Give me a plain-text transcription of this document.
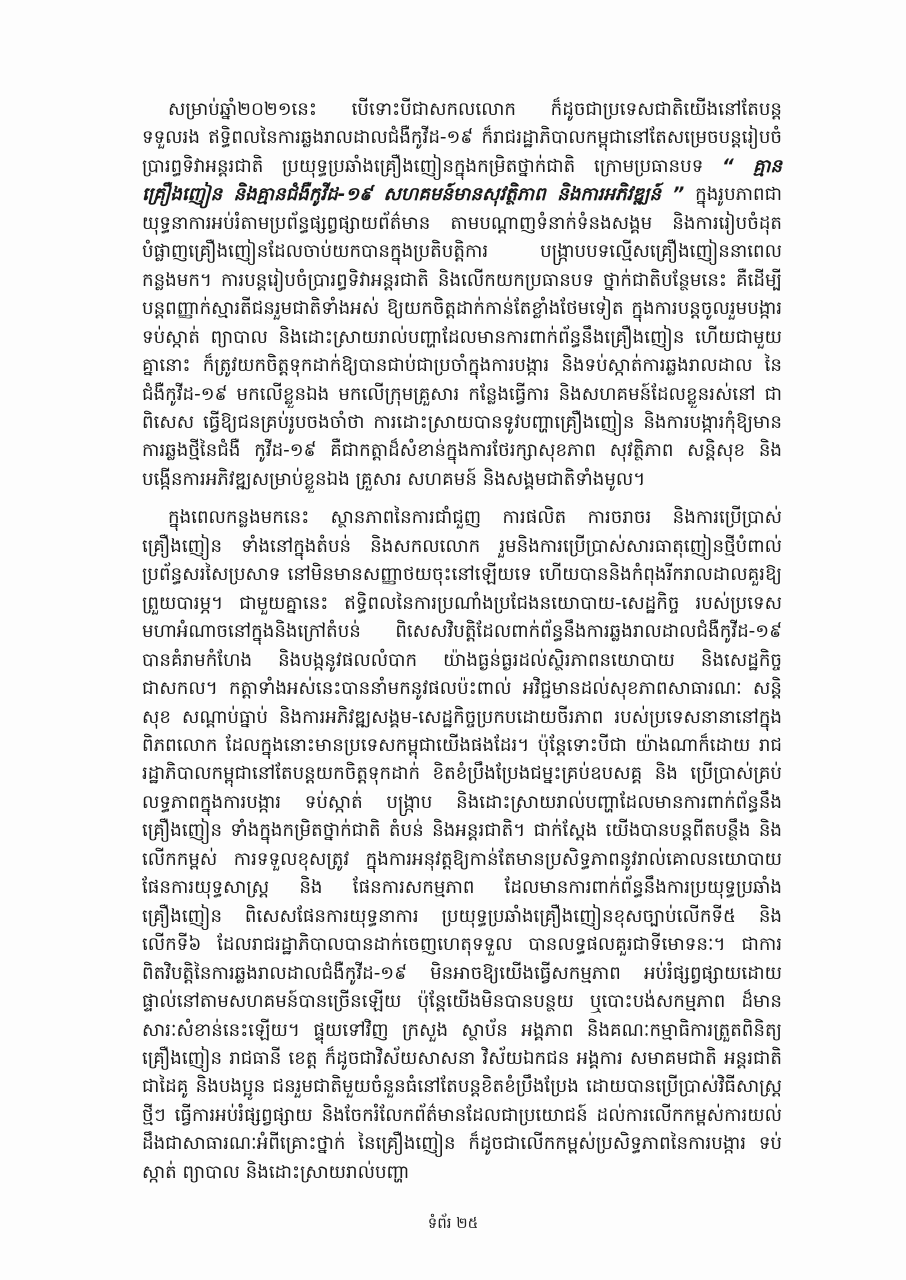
សម្រាប់ឆ្នាំ២០២១នេះ បើទោះបីជាសកលលោក ក៏ដូចជាប្រទេសជាតិយើងនៅតែបន្តទទួលរង ឥទ្ធិពលនៃការឆ្លងរាលដាលជំងឺកូវីដ-១៩ ក៏រាជរដ្ឋាភិបាលកម្ពុជានៅតែសម្រេចបន្តរៀបចំប្រារព្ធទិវាអន្តរជាតិ ប្រយុទ្ធប្រឆាំងគ្រឿងញៀនក្នុងកម្រិតថ្នាក់ជាតិ ក្រោមប្រធានបទ “ គ្មានគ្រឿងញៀន និងគ្មានជំងឺកូវីដ-១៩ សហគមន៍មានសុវត្ថិភាព និងការអភិវឌ្ឍន៍ ” ក្នុងរូបភាពជាយុទ្ធនាការអប់រំតាមប្រព័ន្ធផ្សព្វផ្សាយព័ត៌មាន តាមបណ្ដាញទំនាក់ទំនងសង្គម និងការរៀបចំដុតបំផ្លាញគ្រឿងញៀនដែលចាប់យកបានក្នុងប្រតិបត្តិការ បង្ក្រាបបទល្មើសគ្រឿងញៀននាពេលកន្លងមក។ ការបន្តរៀបចំប្រារព្ធទិវាអន្តរជាតិ និងលើកយកប្រធានបទ ថ្នាក់ជាតិបន្ថែមនេះ គឺដើម្បីបន្តពញ្ញាក់ស្មារតីជនរួមជាតិទាំងអស់ ឱ្យយកចិត្តដាក់កាន់តែខ្លាំងថែមទៀត ក្នុងការបន្តចូលរួមបង្ការ ទប់ស្កាត់ ព្យាបាល និងដោះស្រាយរាល់បញ្ហាដែលមានការពាក់ព័ន្ធនឹងគ្រឿងញៀន ហើយជាមួយគ្នានោះ ក៏ត្រូវយកចិត្តទុកដាក់ឱ្យបានជាប់ជាប្រចាំក្នុងការបង្ការ និងទប់ស្កាត់ការឆ្លងរាលដាល នៃជំងឺកូវីដ-១៩ មកលើខ្លួនឯង មកលើក្រុមគ្រួសារ កន្លែងធ្វើការ និងសហគមន៍ដែលខ្លួនរស់នៅ ជាពិសេស ធ្វើឱ្យជនគ្រប់រូបចងចាំថា ការដោះស្រាយបានទូវបញ្ហាគ្រឿងញៀន និងការបង្ការកុំឱ្យមានការឆ្លងថ្មីនៃជំងឺ កូវីដ-១៩ គឺជាកត្តាដ៏សំខាន់ក្នុងការថែរក្សាសុខភាព សុវត្ថិភាព សន្តិសុខ និងបង្កើនការអភិវឌ្ឍសម្រាប់ខ្លួនឯង គ្រួសារ សហគមន៍ និងសង្គមជាតិទាំងមូល។

ក្នុងពេលកន្លងមកនេះ ស្ថានភាពនៃការជាំជួញ ការផលិត ការចរាចរ និងការប្រើប្រាស់គ្រឿងញៀន ទាំងនៅក្នុងតំបន់ និងសកលលោក រួមនិងការប្រើប្រាស់សារធាតុញៀនថ្មីបំពាល់ប្រព័ន្ធសរសៃប្រសាទ នៅមិនមានសញ្ញាថយចុះនៅឡើយទេ ហើយបាននិងកំពុងរីករាលដាលគួរឱ្យព្រួយបារម្ភ។ ជាមួយគ្នានេះ ឥទ្ធិពលនៃការប្រណាំងប្រជែងនយោបាយ-សេដ្ឋកិច្ច របស់ប្រទេសមហាអំណាចនៅក្នុងនិងក្រៅតំបន់ ពិសេសវិបត្តិដែលពាក់ព័ន្ធនឹងការឆ្លងរាលដាលជំងឺកូវីដ-១៩ បានគំរាមកំហែង និងបង្កនូវផលលំបាក យ៉ាងធ្ងន់ធ្ងរដល់ស្ថិរភាពនយោបាយ និងសេដ្ឋកិច្ចជាសកល។ កត្តាទាំងអស់នេះបាននាំមកនូវផលប៉ះពាល់ អវិជ្ជមានដល់សុខភាពសាធារណៈ សន្តិសុខ សណ្តាប់ធ្នាប់ និងការអភិវឌ្ឍសង្គម-សេដ្ឋកិច្ចប្រកបដោយចីរភាព របស់ប្រទេសនានានៅក្នុងពិភពលោក ដែលក្នុងនោះមានប្រទេសកម្ពុជាយើងផងដែរ។ ប៉ុន្តែទោះបីជា យ៉ាងណាក៏ដោយ រាជរដ្ឋាភិបាលកម្ពុជានៅតែបន្តយកចិត្តទុកដាក់ ខិតខំប្រឹងប្រែងជម្នះគ្រប់ឧបសគ្គ និង ប្រើប្រាស់គ្រប់លទ្ធភាពក្នុងការបង្ការ ទប់ស្កាត់ បង្ក្រាប និងដោះស្រាយរាល់បញ្ហាដែលមានការពាក់ព័ន្ធនឹង គ្រឿងញៀន ទាំងក្នុងកម្រិតថ្នាក់ជាតិ តំបន់ និងអន្តរជាតិ។ ជាក់ស្តែង យើងបានបន្តពីតបន្ថឹង និងលើកកម្ពស់ ការទទួលខុសត្រូវ ក្នុងការអនុវត្តឱ្យកាន់តែមានប្រសិទ្ធភាពនូវរាល់គោលនយោបាយ ផែនការយុទ្ធសាស្ត្រ និង ផែនការសកម្មភាព ដែលមានការពាក់ព័ន្ធនឹងការប្រយុទ្ធប្រឆាំងគ្រឿងញៀន ពិសេសផែនការយុទ្ធនាការ ប្រយុទ្ធប្រឆាំងគ្រឿងញៀនខុសច្បាប់លើកទី៥ និងលើកទី៦ ដែលរាជរដ្ឋាភិបាលបានដាក់ចេញហេតុទទួល បានលទ្ធផលគួរជាទីមោទនៈ។ ជាការពិតវិបត្តិនៃការឆ្លងរាលដាលជំងឺកូវីដ-១៩ មិនអាចឱ្យយើងធ្វើសកម្មភាព អប់រំផ្សព្វផ្សាយដោយផ្ទាល់នៅតាមសហគមន៍បានច្រើនឡើយ ប៉ុន្តែយើងមិនបានបន្ថយ ឬបោះបង់សកម្មភាព ដ៏មានសារៈសំខាន់នេះឡើយ។ ផ្ទុយទៅវិញ ក្រសួង ស្ថាប័ន អង្គភាព និងគណៈកម្មាធិការត្រួតពិនិត្យគ្រឿងញៀន រាជធានី ខេត្ត ក៏ដូចជាវិស័យសាសនា វិស័យឯកជន អង្គការ សមាគមជាតិ អន្តរជាតិជាដៃគូ និងបងប្អូន ជនរួមជាតិមួយចំនួនធំនៅតែបន្តខិតខំប្រឹងប្រែង ដោយបានប្រើប្រាស់វិធីសាស្រ្តថ្មីៗ ធ្វើការអប់រំផ្សព្វផ្សាយ និងចែករំលែកព័ត៌មានដែលជាប្រយោជន៍ ដល់ការលើកកម្ពស់ការយល់ដឹងជាសាធារណៈអំពីគ្រោះថ្នាក់ នៃគ្រឿងញៀន ក៏ដូចជាលើកកម្ពស់ប្រសិទ្ធភាពនៃការបង្ការ ទប់ស្កាត់ ព្យាបាល និងដោះស្រាយរាល់បញ្ហា

ទំព័រ ២៥
